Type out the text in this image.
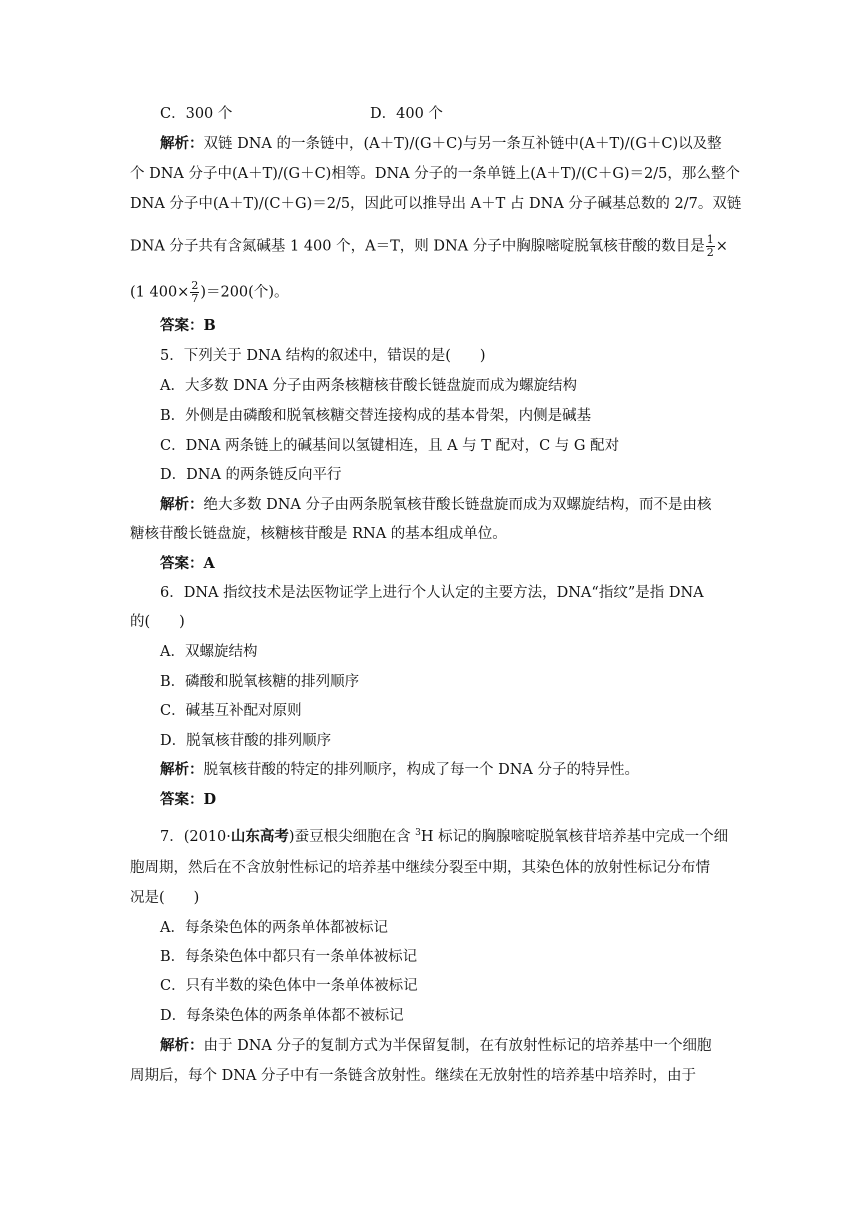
C．300 个	D．400 个
解析：双链 DNA 的一条链中，(A＋T)/(G＋C)与另一条互补链中(A＋T)/(G＋C)以及整
个 DNA 分子中(A＋T)/(G＋C)相等。DNA 分子的一条单链上(A＋T)/(C＋G)＝2/5，那么整个
DNA 分子中(A＋T)/(C＋G)＝2/5，因此可以推导出 A＋T 占 DNA 分子碱基总数的 2/7。双链
DNA 分子共有含氮碱基 1 400 个，A＝T，则 DNA 分子中胸腺嘧啶脱氧核苷酸的数目是 $\frac{1}{2}$ ×
(1 $400\times \frac{2}{7} )=200$(个)。
答案：B
5．下列关于 DNA 结构的叙述中，错误的是(　　)
A．大多数 DNA 分子由两条核糖核苷酸长链盘旋而成为螺旋结构
B．外侧是由磷酸和脱氧核糖交替连接构成的基本骨架，内侧是碱基
C．DNA 两条链上的碱基间以氢键相连，且 A 与 T 配对，C 与 G 配对
D．DNA 的两条链反向平行
解析：绝大多数 DNA 分子由两条脱氧核苷酸长链盘旋而成为双螺旋结构，而不是由核
糖核苷酸长链盘旋，核糖核苷酸是 RNA 的基本组成单位。
答案：A
6．DNA 指纹技术是法医物证学上进行个人认定的主要方法，DNA“指纹”是指 DNA
的(　　)
A．双螺旋结构
B．磷酸和脱氧核糖的排列顺序
C．碱基互补配对原则
D．脱氧核苷酸的排列顺序
解析：脱氧核苷酸的特定的排列顺序，构成了每一个 DNA 分子的特异性。
答案：D
7．(2010·山东高考)蚕豆根尖细胞在含 $^3$H 标记的胸腺嘧啶脱氧核苷培养基中完成一个细
胞周期，然后在不含放射性标记的培养基中继续分裂至中期，其染色体的放射性标记分布情
况是(　　)
A．每条染色体的两条单体都被标记
B．每条染色体中都只有一条单体被标记
C．只有半数的染色体中一条单体被标记
D．每条染色体的两条单体都不被标记
解析：由于 DNA 分子的复制方式为半保留复制，在有放射性标记的培养基中一个细胞
周期后，每个 DNA 分子中有一条链含放射性。继续在无放射性的培养基中培养时，由于
